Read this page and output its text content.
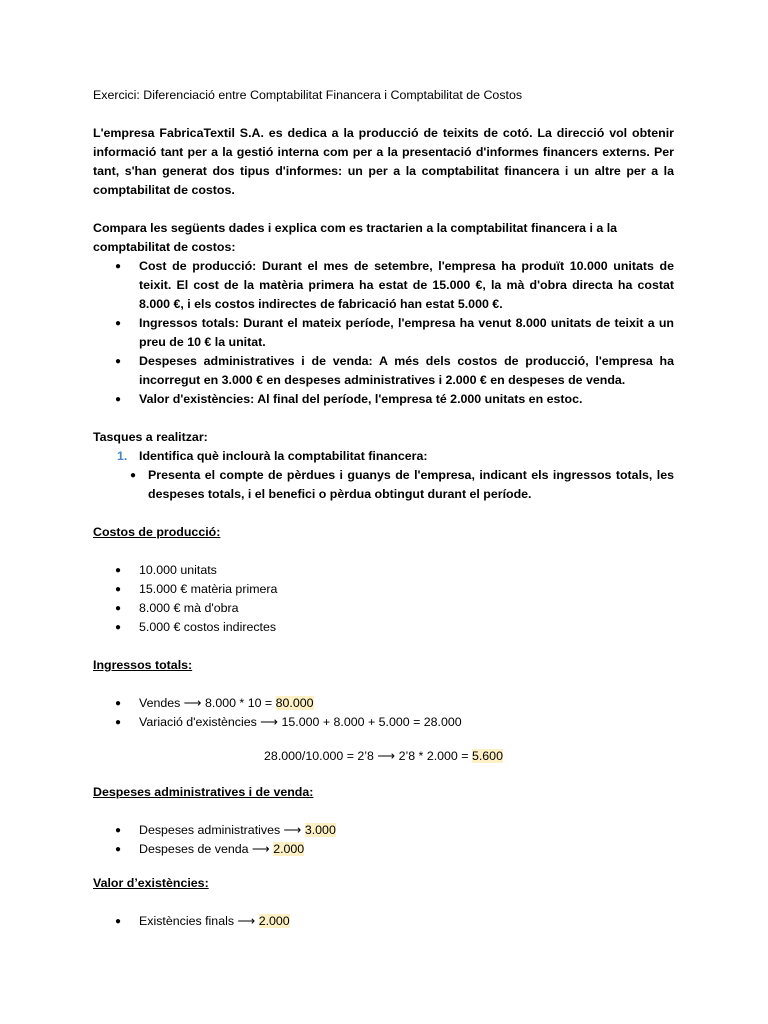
Exercici: Diferenciació entre Comptabilitat Financera i Comptabilitat de Costos

L'empresa FabricaTextil S.A. es dedica a la producció de teixits de cotó. La direcció vol obtenir informació tant per a la gestió interna com per a la presentació d'informes financers externs. Per tant, s'han generat dos tipus d'informes: un per a la comptabilitat financera i un altre per a la comptabilitat de costos.

Compara les següents dades i explica com es tractarien a la comptabilitat financera i a la comptabilitat de costos:

● Cost de producció: Durant el mes de setembre, l'empresa ha produït 10.000 unitats de teixit. El cost de la matèria primera ha estat de 15.000 €, la mà d'obra directa ha costat 8.000 €, i els costos indirectes de fabricació han estat 5.000 €.
● Ingressos totals: Durant el mateix període, l'empresa ha venut 8.000 unitats de teixit a un preu de 10 € la unitat.
● Despeses administratives i de venda: A més dels costos de producció, l'empresa ha incorregut en 3.000 € en despeses administratives i 2.000 € en despeses de venda.
● Valor d'existències: Al final del període, l'empresa té 2.000 unitats en estoc.

Tasques a realitzar:

1. Identifica què inclourà la comptabilitat financera:
● Presenta el compte de pèrdues i guanys de l'empresa, indicant els ingressos totals, les despeses totals, i el benefici o pèrdua obtingut durant el període.

Costos de producció:

● 10.000 unitats
● 15.000 € matèria primera
● 8.000 € mà d'obra
● 5.000 € costos indirectes

Ingressos totals:

● Vendes ⟶ 8.000 * 10 = 80.000
● Variació d'existències ⟶ 15.000 + 8.000 + 5.000 = 28.000

28.000/10.000 = 2’8 ⟶ 2’8 * 2.000 = 5.600

Despeses administratives i de venda:

● Despeses administratives ⟶ 3.000
● Despeses de venda ⟶ 2.000

Valor d’existències:

● Existències finals ⟶ 2.000
